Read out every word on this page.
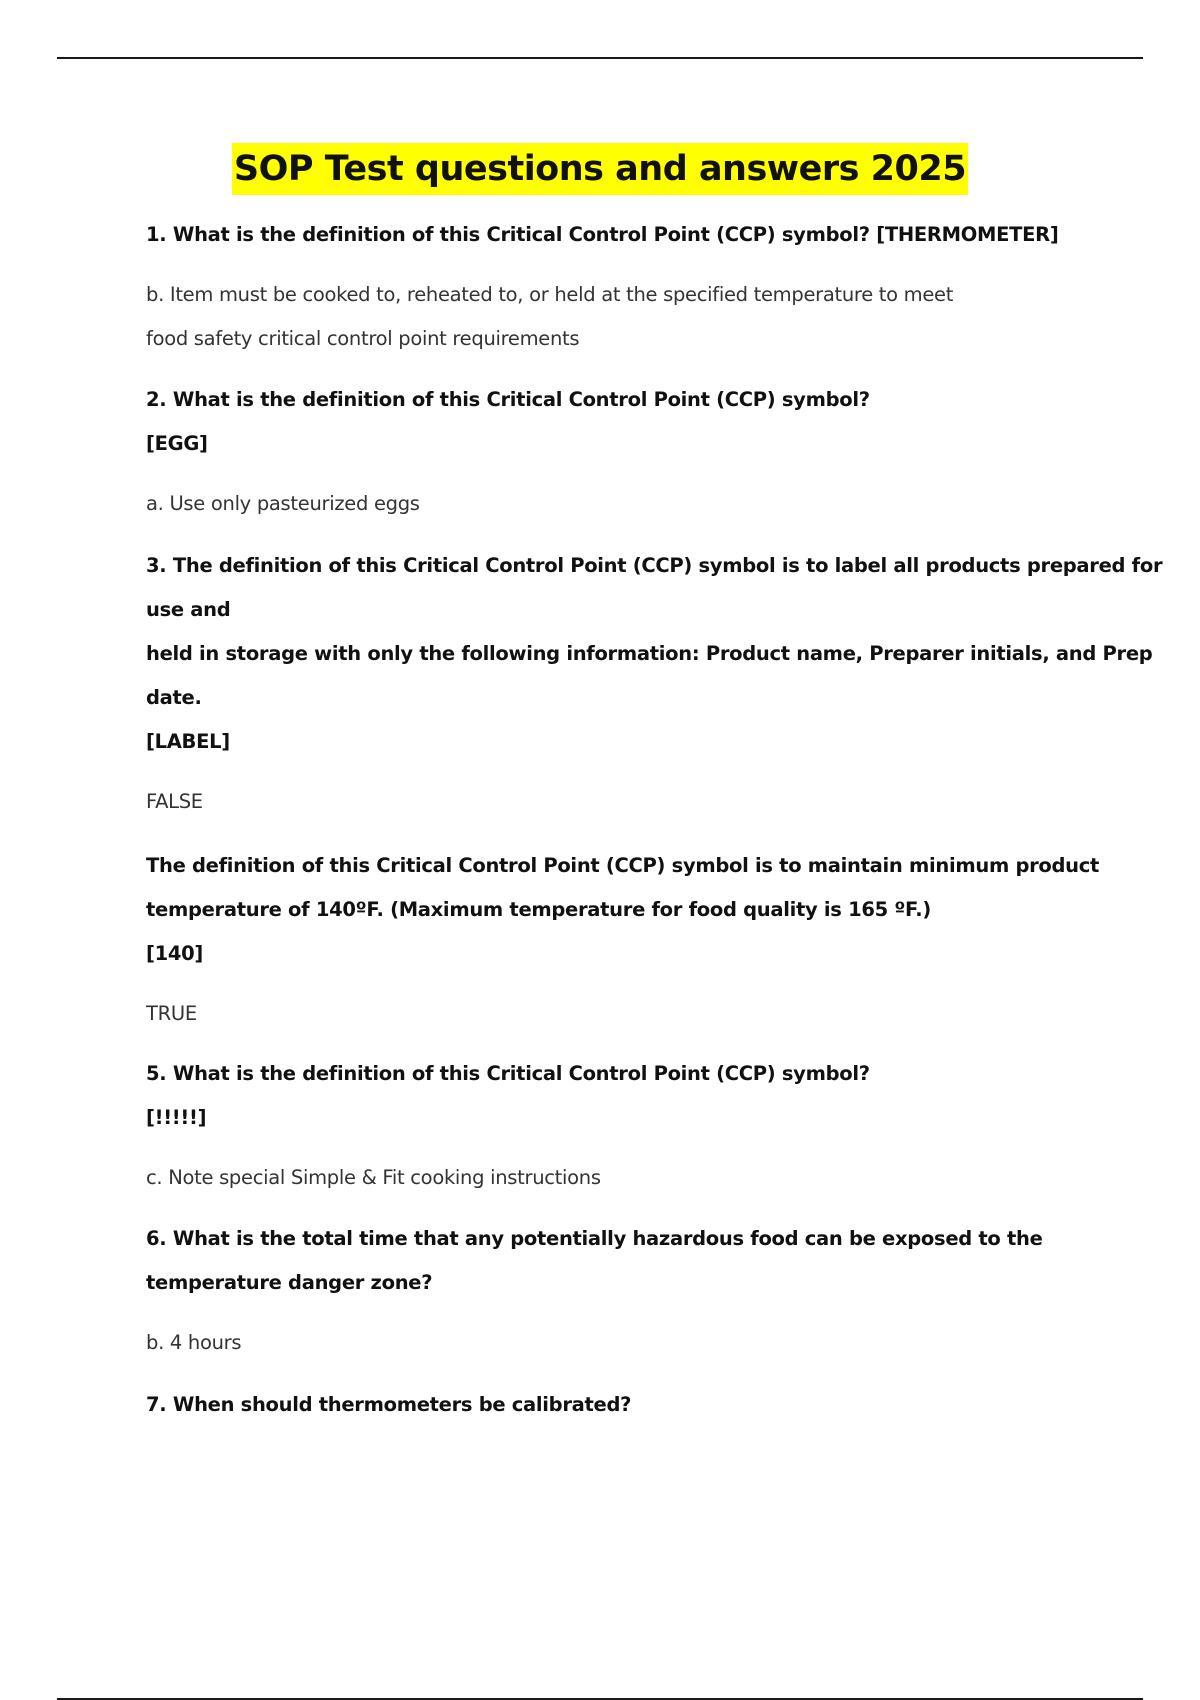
SOP Test questions and answers 2025
1. What is the definition of this Critical Control Point (CCP) symbol? [THERMOMETER]
b. Item must be cooked to, reheated to, or held at the specified temperature to meet
food safety critical control point requirements
2. What is the definition of this Critical Control Point (CCP) symbol?
[EGG]
a. Use only pasteurized eggs
3. The definition of this Critical Control Point (CCP) symbol is to label all products prepared for
use and
held in storage with only the following information: Product name, Preparer initials, and Prep
date.
[LABEL]
FALSE
The definition of this Critical Control Point (CCP) symbol is to maintain minimum product
temperature of 140ºF. (Maximum temperature for food quality is 165 ºF.)
[140]
TRUE
5. What is the definition of this Critical Control Point (CCP) symbol?
[!!!!!]
c. Note special Simple & Fit cooking instructions
6. What is the total time that any potentially hazardous food can be exposed to the
temperature danger zone?
b. 4 hours
7. When should thermometers be calibrated?
